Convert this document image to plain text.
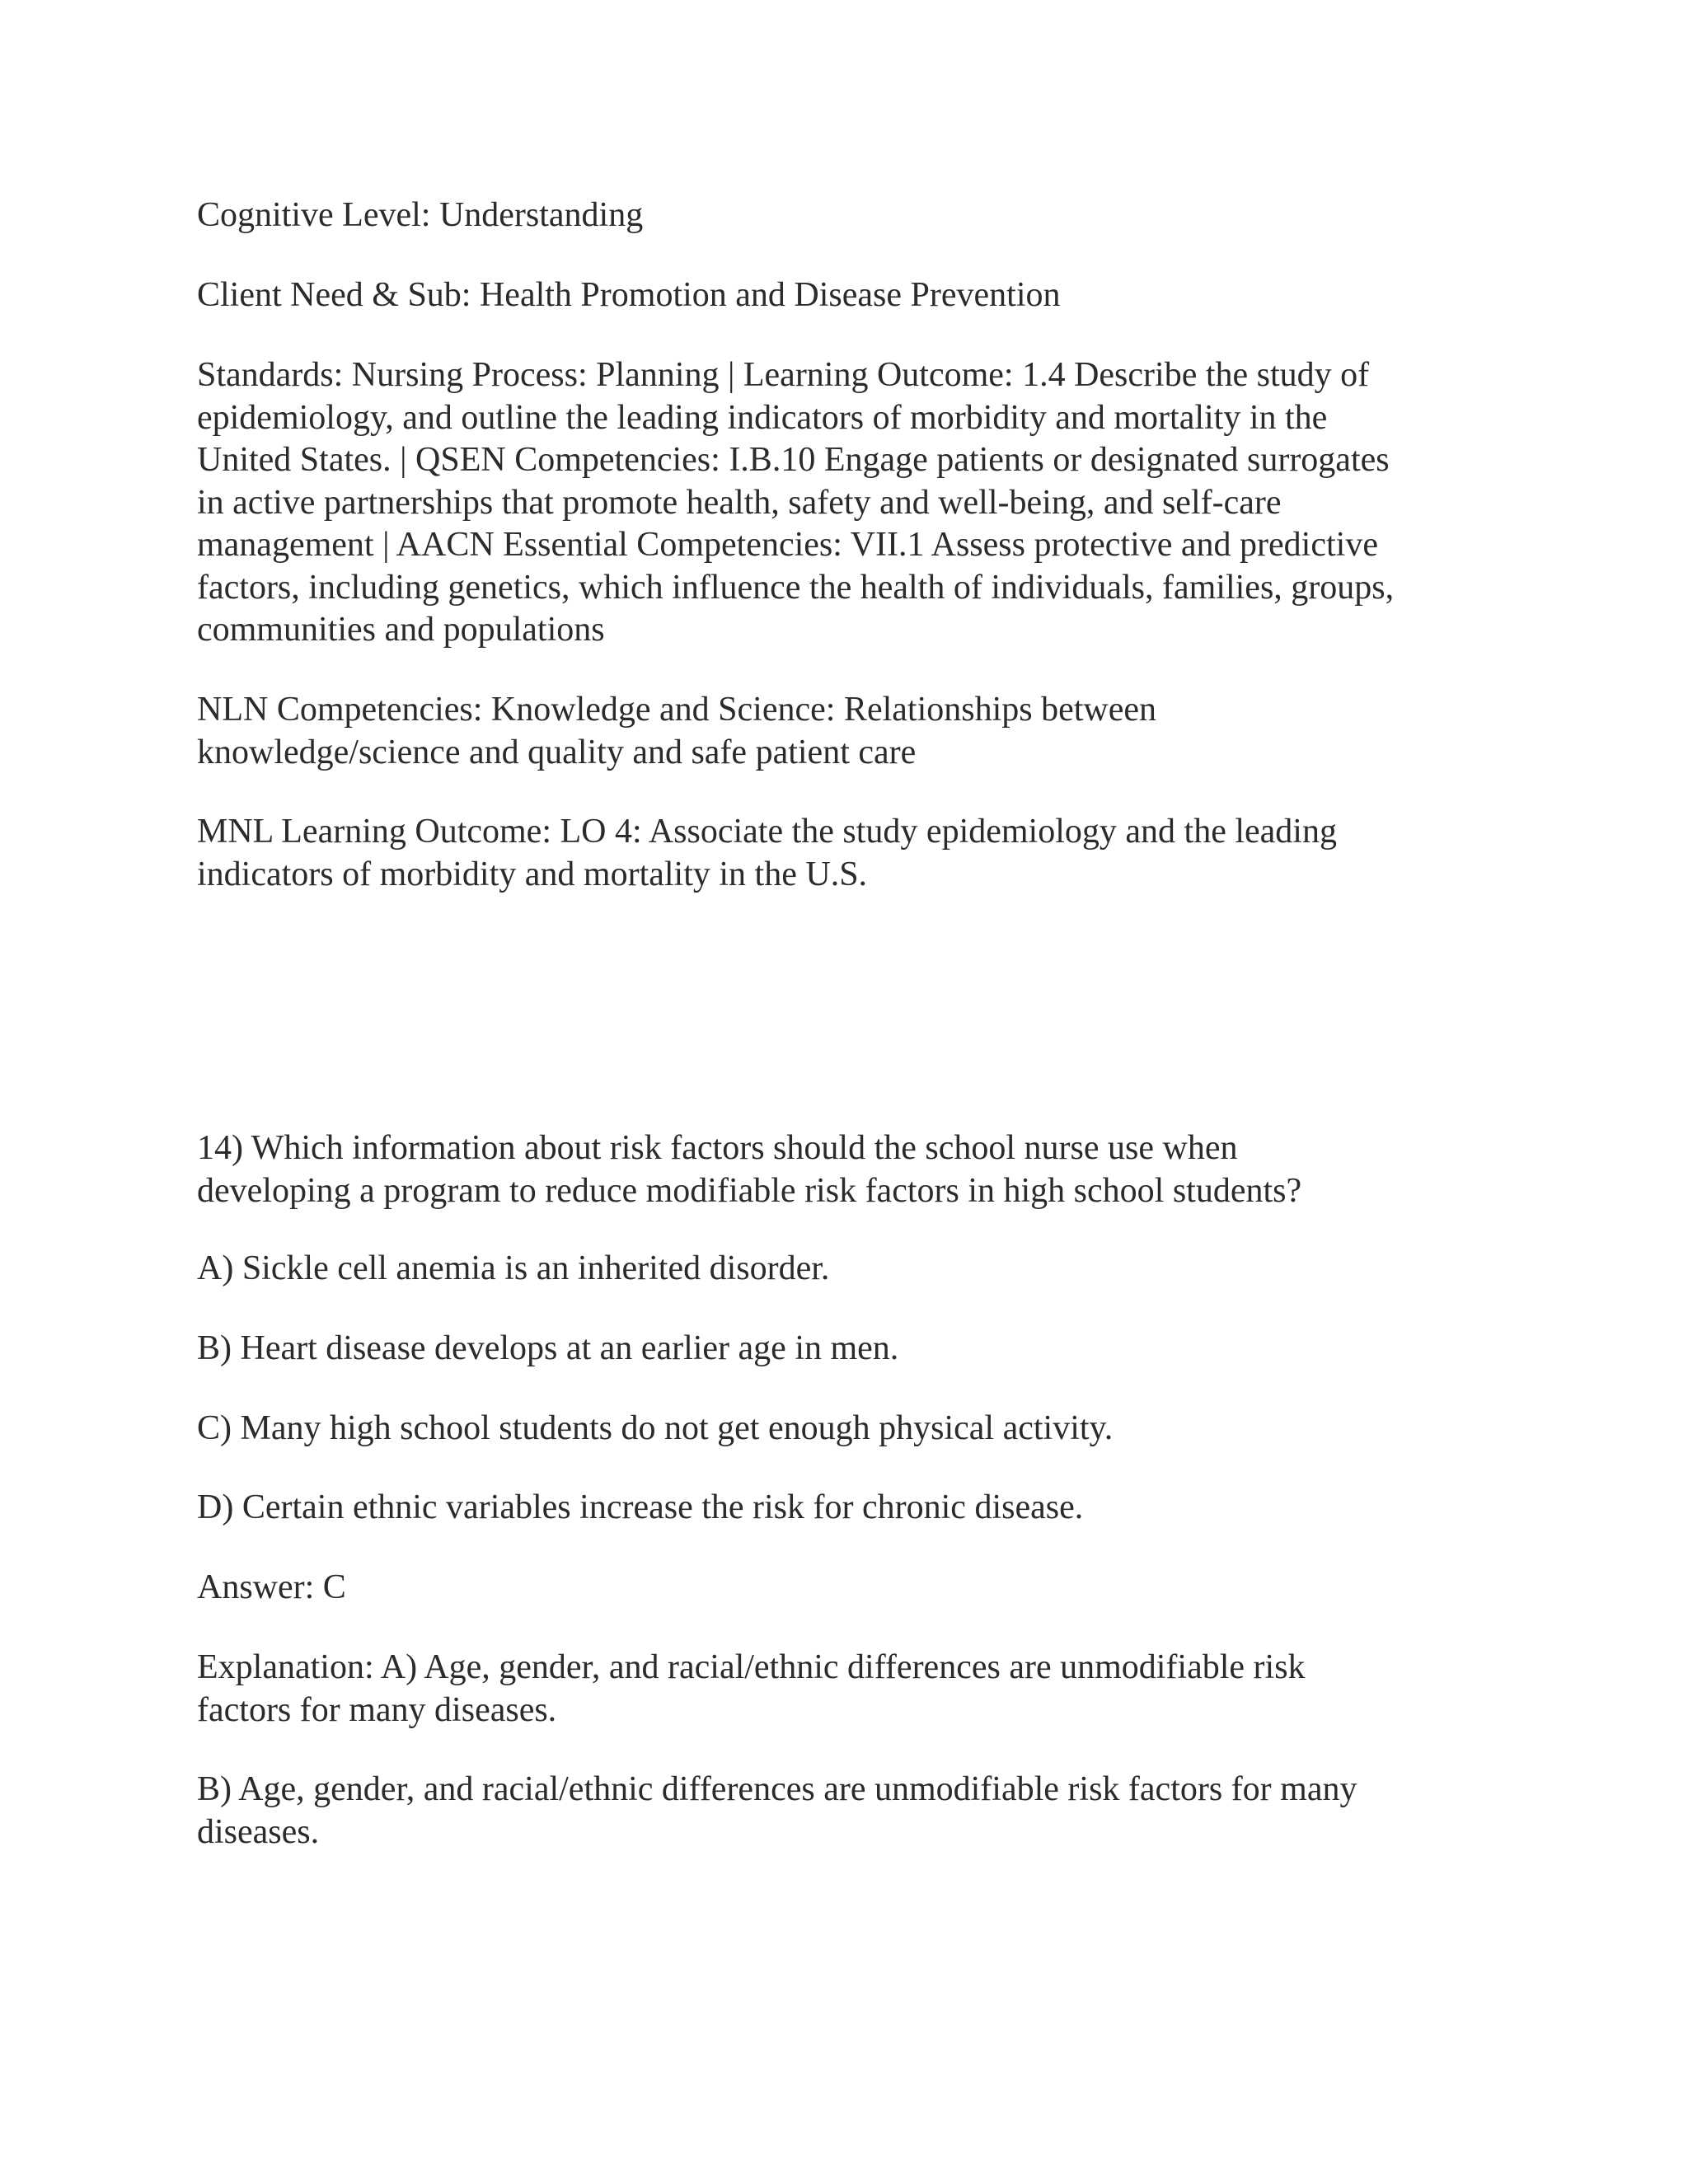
Cognitive Level: Understanding

Client Need & Sub: Health Promotion and Disease Prevention

Standards: Nursing Process: Planning | Learning Outcome: 1.4 Describe the study of
epidemiology, and outline the leading indicators of morbidity and mortality in the
United States. | QSEN Competencies: I.B.10 Engage patients or designated surrogates
in active partnerships that promote health, safety and well-being, and self-care
management | AACN Essential Competencies: VII.1 Assess protective and predictive
factors, including genetics, which influence the health of individuals, families, groups,
communities and populations

NLN Competencies: Knowledge and Science: Relationships between
knowledge/science and quality and safe patient care

MNL Learning Outcome: LO 4: Associate the study epidemiology and the leading
indicators of morbidity and mortality in the U.S.

14) Which information about risk factors should the school nurse use when
developing a program to reduce modifiable risk factors in high school students?

A) Sickle cell anemia is an inherited disorder.

B) Heart disease develops at an earlier age in men.

C) Many high school students do not get enough physical activity.

D) Certain ethnic variables increase the risk for chronic disease.

Answer: C

Explanation: A) Age, gender, and racial/ethnic differences are unmodifiable risk
factors for many diseases.

B) Age, gender, and racial/ethnic differences are unmodifiable risk factors for many
diseases.
